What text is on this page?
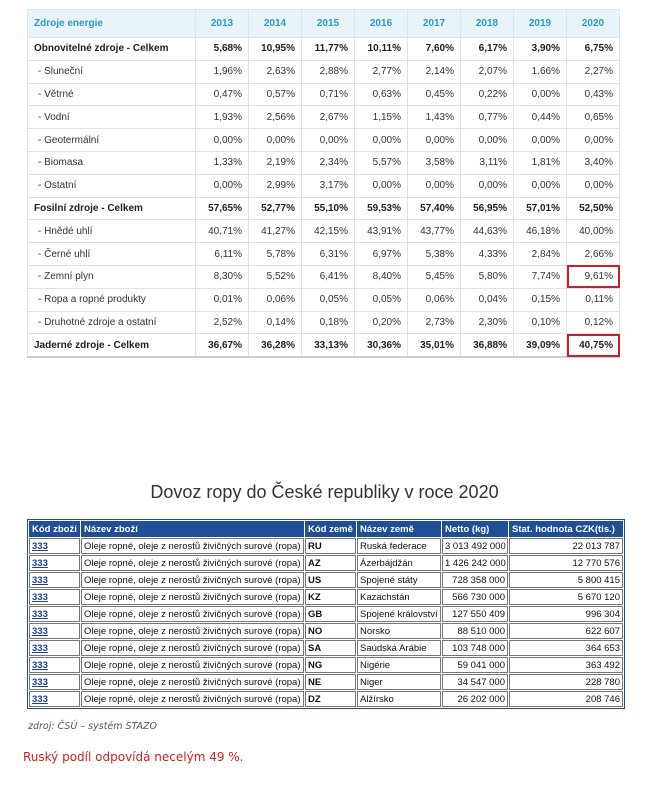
Zdroje energie	2013	2014	2015	2016	2017	2018	2019	2020
Obnovitelné zdroje - Celkem	5,68%	10,95%	11,77%	10,11%	7,60%	6,17%	3,90%	6,75%
- Sluneční	1,96%	2,63%	2,88%	2,77%	2,14%	2,07%	1,66%	2,27%
- Větrné	0,47%	0,57%	0,71%	0,63%	0,45%	0,22%	0,00%	0,43%
- Vodní	1,93%	2,56%	2,67%	1,15%	1,43%	0,77%	0,44%	0,65%
- Geotermální	0,00%	0,00%	0,00%	0,00%	0,00%	0,00%	0,00%	0,00%
- Biomasa	1,33%	2,19%	2,34%	5,57%	3,58%	3,11%	1,81%	3,40%
- Ostatní	0,00%	2,99%	3,17%	0,00%	0,00%	0,00%	0,00%	0,00%
Fosilní zdroje - Celkem	57,65%	52,77%	55,10%	59,53%	57,40%	56,95%	57,01%	52,50%
- Hnědé uhlí	40,71%	41,27%	42,15%	43,91%	43,77%	44,63%	46,18%	40,00%
- Černé uhlí	6,11%	5,78%	6,31%	6,97%	5,38%	4,33%	2,84%	2,66%
- Zemní plyn	8,30%	5,52%	6,41%	8,40%	5,45%	5,80%	7,74%	9,61%
- Ropa a ropné produkty	0,01%	0,06%	0,05%	0,05%	0,06%	0,04%	0,15%	0,11%
- Druhotné zdroje a ostatní	2,52%	0,14%	0,18%	0,20%	2,73%	2,30%	0,10%	0,12%
Jaderné zdroje - Celkem	36,67%	36,28%	33,13%	30,36%	35,01%	36,88%	39,09%	40,75%
Dovoz ropy do České republiky v roce 2020
Kód zboží	Název zboží	Kód země	Název země	Netto (kg)	Stat. hodnota CZK(tis.)
333	Oleje ropné, oleje z nerostů živičných surové (ropa)	RU	Ruská federace	3 013 492 000	22 013 787
333	Oleje ropné, oleje z nerostů živičných surové (ropa)	AZ	Ázerbájdžán	1 426 242 000	12 770 576
333	Oleje ropné, oleje z nerostů živičných surové (ropa)	US	Spojené státy	728 358 000	5 800 415
333	Oleje ropné, oleje z nerostů živičných surové (ropa)	KZ	Kazachstán	566 730 000	5 670 120
333	Oleje ropné, oleje z nerostů živičných surové (ropa)	GB	Spojené království	127 550 409	996 304
333	Oleje ropné, oleje z nerostů živičných surové (ropa)	NO	Norsko	88 510 000	622 607
333	Oleje ropné, oleje z nerostů živičných surové (ropa)	SA	Saúdská Arábie	103 748 000	364 653
333	Oleje ropné, oleje z nerostů živičných surové (ropa)	NG	Nigérie	59 041 000	363 492
333	Oleje ropné, oleje z nerostů živičných surové (ropa)	NE	Niger	34 547 000	228 780
333	Oleje ropné, oleje z nerostů živičných surové (ropa)	DZ	Alžírsko	26 202 000	208 746
zdroj: ČSÚ – systém STAZO
Ruský podíl odpovídá necelým 49 %.
